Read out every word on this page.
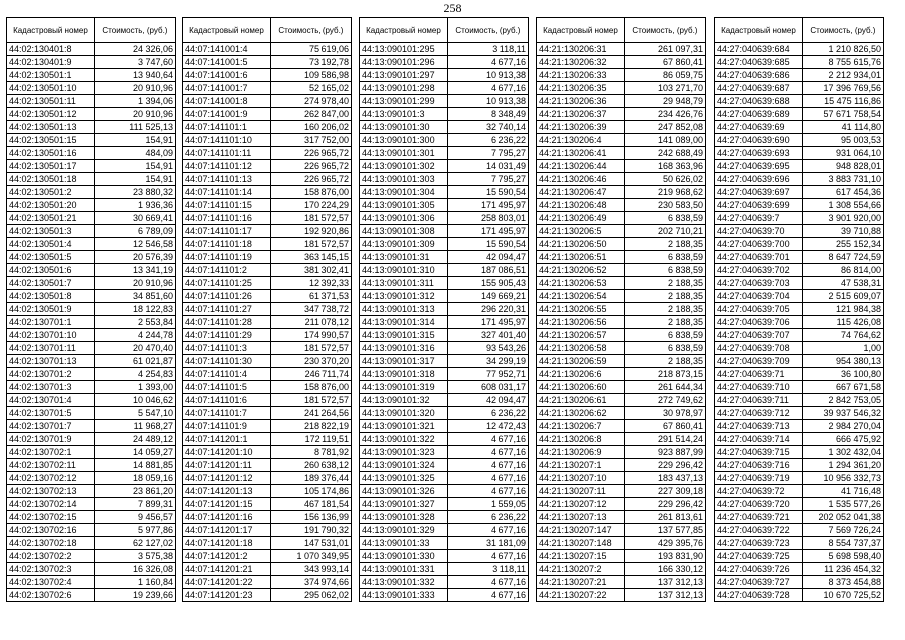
258
Кадастровый номер	Стоимость, (руб.)
44:02:130401:8	24 326,06
44:02:130401:9	3 747,60
44:02:130501:1	13 940,64
44:02:130501:10	20 910,96
44:02:130501:11	1 394,06
44:02:130501:12	20 910,96
44:02:130501:13	111 525,13
44:02:130501:15	154,91
44:02:130501:16	484,09
44:02:130501:17	154,91
44:02:130501:18	154,91
44:02:130501:2	23 880,32
44:02:130501:20	1 936,36
44:02:130501:21	30 669,41
44:02:130501:3	6 789,09
44:02:130501:4	12 546,58
44:02:130501:5	20 576,39
44:02:130501:6	13 341,19
44:02:130501:7	20 910,96
44:02:130501:8	34 851,60
44:02:130501:9	18 122,83
44:02:130701:1	2 553,84
44:02:130701:10	4 244,78
44:02:130701:11	20 470,40
44:02:130701:13	61 021,87
44:02:130701:2	4 254,83
44:02:130701:3	1 393,00
44:02:130701:4	10 046,62
44:02:130701:5	5 547,10
44:02:130701:7	11 968,27
44:02:130701:9	24 489,12
44:02:130702:1	14 059,27
44:02:130702:11	14 881,85
44:02:130702:12	18 059,16
44:02:130702:13	23 861,20
44:02:130702:14	7 899,31
44:02:130702:15	9 456,57
44:02:130702:16	5 977,86
44:02:130702:18	62 127,02
44:02:130702:2	3 575,38
44:02:130702:3	16 326,08
44:02:130702:4	1 160,84
44:02:130702:6	19 239,66
Кадастровый номер	Стоимость, (руб.)
44:07:141001:4	75 619,06
44:07:141001:5	73 192,78
44:07:141001:6	109 586,98
44:07:141001:7	52 165,02
44:07:141001:8	274 978,40
44:07:141001:9	262 847,00
44:07:141101:1	160 206,02
44:07:141101:10	317 752,00
44:07:141101:11	226 965,72
44:07:141101:12	226 965,72
44:07:141101:13	226 965,72
44:07:141101:14	158 876,00
44:07:141101:15	170 224,29
44:07:141101:16	181 572,57
44:07:141101:17	192 920,86
44:07:141101:18	181 572,57
44:07:141101:19	363 145,15
44:07:141101:2	381 302,41
44:07:141101:25	12 392,33
44:07:141101:26	61 371,53
44:07:141101:27	347 738,72
44:07:141101:28	211 078,12
44:07:141101:29	174 990,57
44:07:141101:3	181 572,57
44:07:141101:30	230 370,20
44:07:141101:4	246 711,74
44:07:141101:5	158 876,00
44:07:141101:6	181 572,57
44:07:141101:7	241 264,56
44:07:141101:9	218 822,19
44:07:141201:1	172 119,51
44:07:141201:10	8 781,92
44:07:141201:11	260 638,12
44:07:141201:12	189 376,44
44:07:141201:13	105 174,86
44:07:141201:15	467 181,54
44:07:141201:16	156 136,99
44:07:141201:17	191 790,32
44:07:141201:18	147 531,01
44:07:141201:2	1 070 349,95
44:07:141201:21	343 993,14
44:07:141201:22	374 974,66
44:07:141201:23	295 062,02
Кадастровый номер	Стоимость, (руб.)
44:13:090101:295	3 118,11
44:13:090101:296	4 677,16
44:13:090101:297	10 913,38
44:13:090101:298	4 677,16
44:13:090101:299	10 913,38
44:13:090101:3	8 348,49
44:13:090101:30	32 740,14
44:13:090101:300	6 236,22
44:13:090101:301	7 795,27
44:13:090101:302	14 031,49
44:13:090101:303	7 795,27
44:13:090101:304	15 590,54
44:13:090101:305	171 495,97
44:13:090101:306	258 803,01
44:13:090101:308	171 495,97
44:13:090101:309	15 590,54
44:13:090101:31	42 094,47
44:13:090101:310	187 086,51
44:13:090101:311	155 905,43
44:13:090101:312	149 669,21
44:13:090101:313	296 220,31
44:13:090101:314	171 495,97
44:13:090101:315	327 401,40
44:13:090101:316	93 543,26
44:13:090101:317	34 299,19
44:13:090101:318	77 952,71
44:13:090101:319	608 031,17
44:13:090101:32	42 094,47
44:13:090101:320	6 236,22
44:13:090101:321	12 472,43
44:13:090101:322	4 677,16
44:13:090101:323	4 677,16
44:13:090101:324	4 677,16
44:13:090101:325	4 677,16
44:13:090101:326	4 677,16
44:13:090101:327	1 559,05
44:13:090101:328	6 236,22
44:13:090101:329	4 677,16
44:13:090101:33	31 181,09
44:13:090101:330	4 677,16
44:13:090101:331	3 118,11
44:13:090101:332	4 677,16
44:13:090101:333	4 677,16
Кадастровый номер	Стоимость, (руб.)
44:21:130206:31	261 097,31
44:21:130206:32	67 860,41
44:21:130206:33	86 059,75
44:21:130206:35	103 271,70
44:21:130206:36	29 948,79
44:21:130206:37	234 426,76
44:21:130206:39	247 852,08
44:21:130206:4	141 089,00
44:21:130206:41	242 688,49
44:21:130206:44	168 363,96
44:21:130206:46	50 626,02
44:21:130206:47	219 968,62
44:21:130206:48	230 583,50
44:21:130206:49	6 838,59
44:21:130206:5	202 710,21
44:21:130206:50	2 188,35
44:21:130206:51	6 838,59
44:21:130206:52	6 838,59
44:21:130206:53	2 188,35
44:21:130206:54	2 188,35
44:21:130206:55	2 188,35
44:21:130206:56	2 188,35
44:21:130206:57	6 838,59
44:21:130206:58	6 838,59
44:21:130206:59	2 188,35
44:21:130206:6	218 873,15
44:21:130206:60	261 644,34
44:21:130206:61	272 749,62
44:21:130206:62	30 978,97
44:21:130206:7	67 860,41
44:21:130206:8	291 514,24
44:21:130206:9	923 887,99
44:21:130207:1	229 296,42
44:21:130207:10	183 437,13
44:21:130207:11	227 309,18
44:21:130207:12	229 296,42
44:21:130207:13	261 813,61
44:21:130207:147	137 577,85
44:21:130207:148	429 395,76
44:21:130207:15	193 831,90
44:21:130207:2	166 330,12
44:21:130207:21	137 312,13
44:21:130207:22	137 312,13
Кадастровый номер	Стоимость, (руб.)
44:27:040639:684	1 210 826,50
44:27:040639:685	8 755 615,76
44:27:040639:686	2 212 934,01
44:27:040639:687	17 396 769,56
44:27:040639:688	15 475 116,86
44:27:040639:689	57 671 758,54
44:27:040639:69	41 114,80
44:27:040639:690	95 003,53
44:27:040639:693	931 064,10
44:27:040639:695	948 828,01
44:27:040639:696	3 883 731,10
44:27:040639:697	617 454,36
44:27:040639:699	1 308 554,66
44:27:040639:7	3 901 920,00
44:27:040639:70	39 710,88
44:27:040639:700	255 152,34
44:27:040639:701	8 647 724,59
44:27:040639:702	86 814,00
44:27:040639:703	47 538,31
44:27:040639:704	2 515 609,07
44:27:040639:705	121 984,38
44:27:040639:706	115 426,08
44:27:040639:707	74 764,62
44:27:040639:708	1,00
44:27:040639:709	954 380,13
44:27:040639:71	36 100,80
44:27:040639:710	667 671,58
44:27:040639:711	2 842 753,05
44:27:040639:712	39 937 546,32
44:27:040639:713	2 984 270,04
44:27:040639:714	666 475,92
44:27:040639:715	1 302 432,04
44:27:040639:716	1 294 361,20
44:27:040639:719	10 956 332,73
44:27:040639:72	41 716,48
44:27:040639:720	1 535 577,26
44:27:040639:721	202 052 041,38
44:27:040639:722	7 569 726,24
44:27:040639:723	8 554 737,37
44:27:040639:725	5 698 598,40
44:27:040639:726	11 236 454,32
44:27:040639:727	8 373 454,88
44:27:040639:728	10 670 725,52
